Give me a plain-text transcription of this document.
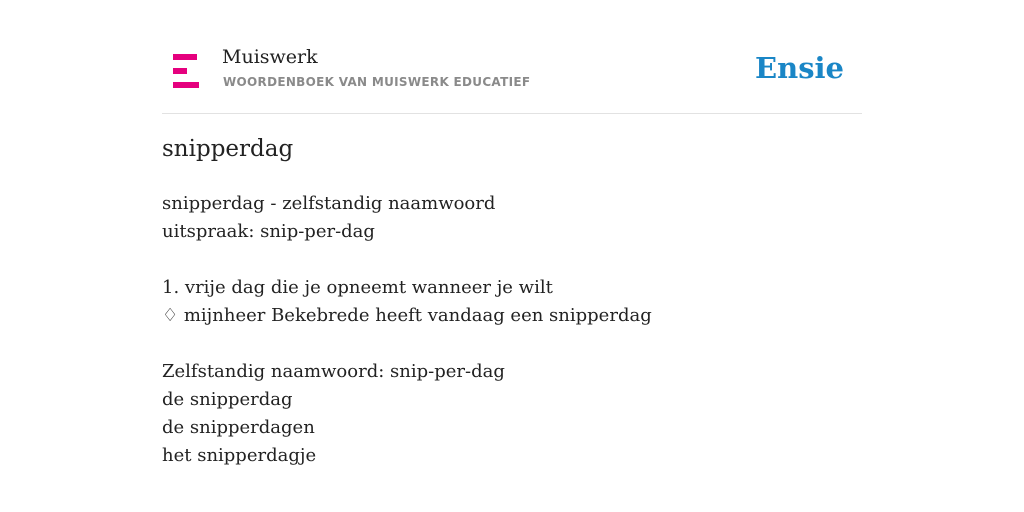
Muiswerk
WOORDENBOEK VAN MUISWERK EDUCATIEF	Ensie
snipperdag
snipperdag - zelfstandig naamwoord
uitspraak: snip-per-dag
1. vrije dag die je opneemt wanneer je wilt
♢ mijnheer Bekebrede heeft vandaag een snipperdag
Zelfstandig naamwoord: snip-per-dag
de snipperdag
de snipperdagen
het snipperdagje
